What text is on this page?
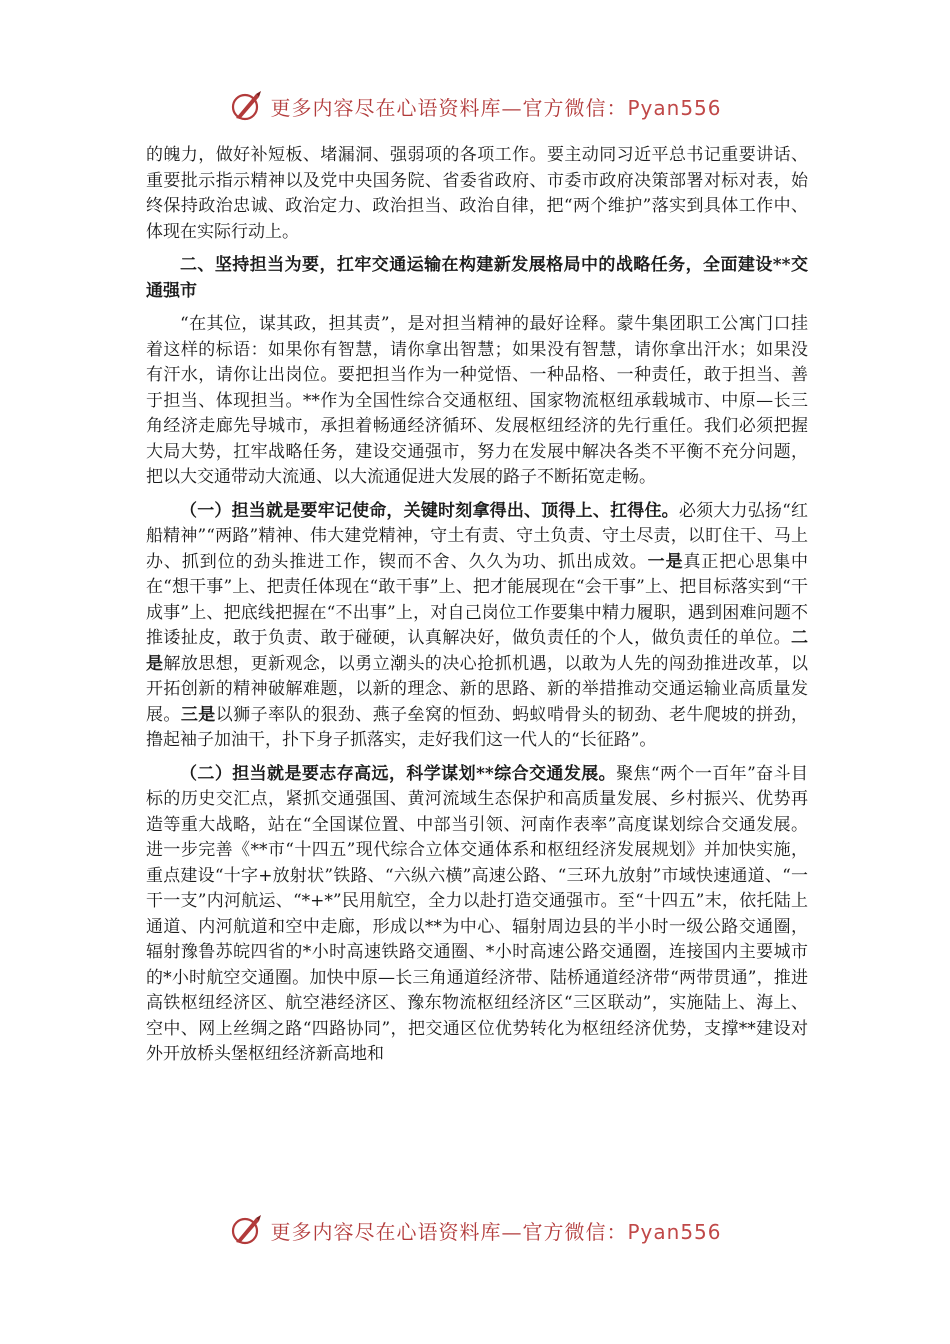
更多内容尽在心语资料库—官方微信：Pyan556

的魄力，做好补短板、堵漏洞、强弱项的各项工作。要主动同习近平总书记重要讲话、重要批示指示精神以及党中央国务院、省委省政府、市委市政府决策部署对标对表，始终保持政治忠诚、政治定力、政治担当、政治自律，把“两个维护”落实到具体工作中、体现在实际行动上。

二、坚持担当为要，扛牢交通运输在构建新发展格局中的战略任务，全面建设**交通强市

“在其位，谋其政，担其责”，是对担当精神的最好诠释。蒙牛集团职工公寓门口挂着这样的标语：如果你有智慧，请你拿出智慧；如果没有智慧，请你拿出汗水；如果没有汗水，请你让出岗位。要把担当作为一种觉悟、一种品格、一种责任，敢于担当、善于担当、体现担当。**作为全国性综合交通枢纽、国家物流枢纽承载城市、中原—长三角经济走廊先导城市，承担着畅通经济循环、发展枢纽经济的先行重任。我们必须把握大局大势，扛牢战略任务，建设交通强市，努力在发展中解决各类不平衡不充分问题，把以大交通带动大流通、以大流通促进大发展的路子不断拓宽走畅。

（一）担当就是要牢记使命，关键时刻拿得出、顶得上、扛得住。必须大力弘扬“红船精神”“两路”精神、伟大建党精神，守土有责、守土负责、守土尽责，以盯住干、马上办、抓到位的劲头推进工作，锲而不舍、久久为功、抓出成效。一是真正把心思集中在“想干事”上、把责任体现在“敢干事”上、把才能展现在“会干事”上、把目标落实到“干成事”上、把底线把握在“不出事”上，对自己岗位工作要集中精力履职，遇到困难问题不推诿扯皮，敢于负责、敢于碰硬，认真解决好，做负责任的个人，做负责任的单位。二是解放思想，更新观念，以勇立潮头的决心抢抓机遇，以敢为人先的闯劲推进改革，以开拓创新的精神破解难题，以新的理念、新的思路、新的举措推动交通运输业高质量发展。三是以狮子率队的狠劲、燕子垒窝的恒劲、蚂蚁啃骨头的韧劲、老牛爬坡的拼劲，撸起袖子加油干，扑下身子抓落实，走好我们这一代人的“长征路”。

（二）担当就是要志存高远，科学谋划**综合交通发展。聚焦“两个一百年”奋斗目标的历史交汇点，紧抓交通强国、黄河流域生态保护和高质量发展、乡村振兴、优势再造等重大战略，站在“全国谋位置、中部当引领、河南作表率”高度谋划综合交通发展。进一步完善《**市“十四五”现代综合立体交通体系和枢纽经济发展规划》并加快实施，重点建设“十字+放射状”铁路、“六纵六横”高速公路、“三环九放射”市域快速通道、“一干一支”内河航运、“*+*”民用航空，全力以赴打造交通强市。至“十四五”末，依托陆上通道、内河航道和空中走廊，形成以**为中心、辐射周边县的半小时一级公路交通圈，辐射豫鲁苏皖四省的*小时高速铁路交通圈、*小时高速公路交通圈，连接国内主要城市的*小时航空交通圈。加快中原—长三角通道经济带、陆桥通道经济带“两带贯通”，推进高铁枢纽经济区、航空港经济区、豫东物流枢纽经济区“三区联动”，实施陆上、海上、空中、网上丝绸之路“四路协同”，把交通区位优势转化为枢纽经济优势，支撑**建设对外开放桥头堡枢纽经济新高地和

更多内容尽在心语资料库—官方微信：Pyan556
